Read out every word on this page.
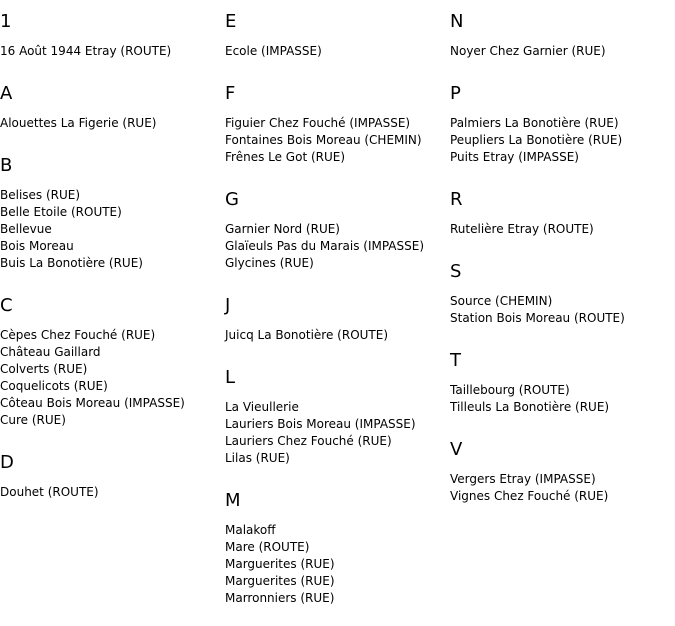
1
16 Août 1944 Etray (ROUTE)
A
Alouettes La Figerie (RUE)
B
Belises (RUE)
Belle Etoile (ROUTE)
Bellevue
Bois Moreau
Buis La Bonotière (RUE)
C
Cèpes Chez Fouché (RUE)
Château Gaillard
Colverts (RUE)
Coquelicots (RUE)
Côteau Bois Moreau (IMPASSE)
Cure (RUE)
D
Douhet (ROUTE)
E
Ecole (IMPASSE)
F
Figuier Chez Fouché (IMPASSE)
Fontaines Bois Moreau (CHEMIN)
Frênes Le Got (RUE)
G
Garnier Nord (RUE)
Glaïeuls Pas du Marais (IMPASSE)
Glycines (RUE)
J
Juicq La Bonotière (ROUTE)
L
La Vieullerie
Lauriers Bois Moreau (IMPASSE)
Lauriers Chez Fouché (RUE)
Lilas (RUE)
M
Malakoff
Mare (ROUTE)
Marguerites (RUE)
Marguerites (RUE)
Marronniers (RUE)
N
Noyer Chez Garnier (RUE)
P
Palmiers La Bonotière (RUE)
Peupliers La Bonotière (RUE)
Puits Etray (IMPASSE)
R
Rutelière Etray (ROUTE)
S
Source (CHEMIN)
Station Bois Moreau (ROUTE)
T
Taillebourg (ROUTE)
Tilleuls La Bonotière (RUE)
V
Vergers Etray (IMPASSE)
Vignes Chez Fouché (RUE)
